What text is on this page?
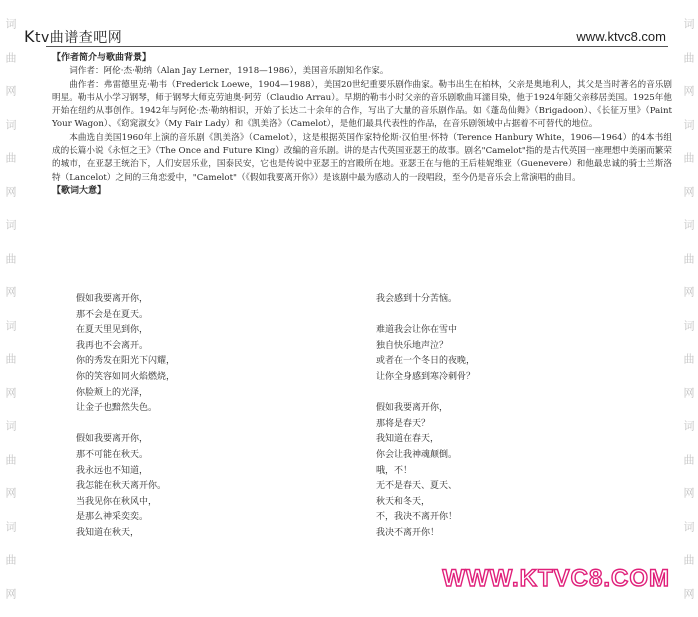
词
曲
网
词
曲
网
词
曲
网
词
曲
网
词
曲
网
词
曲
网
词
曲
网
词
曲
网
词
曲
网
词
曲
网
词
曲
网
词
曲
网
Ktv曲谱查吧网	www.ktvc8.com

【作者简介与歌曲背景】

词作者：阿伦·杰·勒纳（Alan Jay Lerner，1918—1986），美国音乐剧知名作家。

曲作者：弗雷德里克·勒韦（Frederick Loewe，1904—1988），美国20世纪重要乐剧作曲家。勒韦出生在柏林，父亲是奥地利人，其父是当时著名的音乐剧明星。勒韦从小学习钢琴，师于钢琴大师克劳迪奥·阿劳（Claudio Arrau）。早期的勒韦小时父亲的音乐剧歌曲耳濡目染，他于1924年随父亲移居美国。1925年他开始在纽约从事创作。1942年与阿伦·杰·勒纳相识，开始了长达二十余年的合作，写出了大量的音乐剧作品。如《蓬岛仙舞》（Brigadoon）、《长征万里》（Paint Your Wagon）、《窈窕淑女》（My Fair Lady）和《凯美洛》（Camelot），是他们最具代表性的作品，在音乐剧领域中占据着不可替代的地位。

本曲选自美国1960年上演的音乐剧《凯美洛》（Camelot），这是根据英国作家特伦斯·汉伯里·怀特（Terence Hanbury White，1906—1964）的4本书组成的长篇小说《永恒之王》（The Once and Future King）改编的音乐剧。讲的是古代英国亚瑟王的故事。剧名"Camelot"指的是古代英国一座理想中美丽而繁荣的城市，在亚瑟王统治下，人们安居乐业，国泰民安，它也是传说中亚瑟王的宫殿所在地。亚瑟王在与他的王后桂妮维亚（Guenevere）和他最忠诚的骑士兰斯洛特（Lancelot）之间的三角恋爱中，"Camelot"（《假如我要离开你》）是该剧中最为感动人的一段唱段，至今仍是音乐会上常演唱的曲目。

【歌词大意】

假如我要离开你，	我会感到十分苦恼。
那不会是在夏天。
在夏天里见到你，	难道我会让你在雪中
我再也不会离开。	独自快乐地声泣？
你的秀发在阳光下闪耀，	或者在一个冬日的夜晚，
你的笑容如同火焰燃烧，	让你全身感到寒冷刺骨？
你脸颊上的光泽，
让金子也黯然失色。	假如我要离开你，
那将是春天？
假如我要离开你，	我知道在春天，
那不可能在秋天。	你会让我神魂颠倒。
我永远也不知道，	哦，不！
我怎能在秋天离开你。	无不是春天、夏天、
当我见你在秋风中，	秋天和冬天，
是那么神采奕奕。	不，我决不离开你！
我知道在秋天，	我决不离开你！
WWW.KTVC8.COM
